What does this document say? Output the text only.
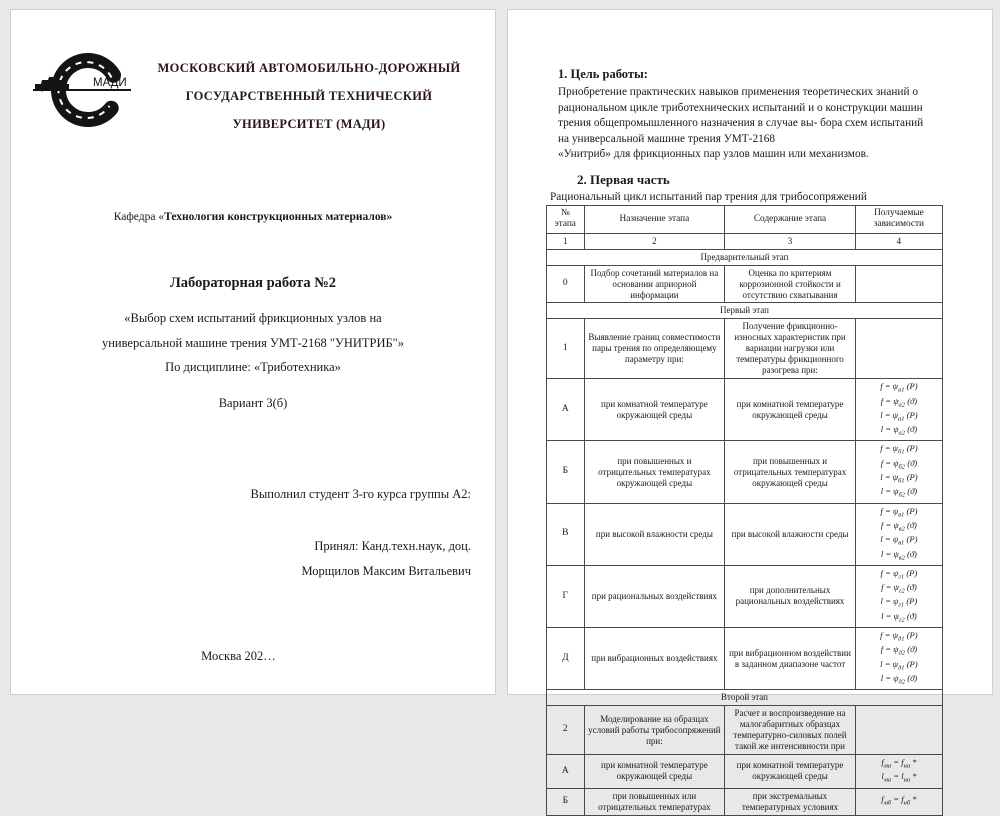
МАДИ
МОСКОВСКИЙ АВТОМОБИЛЬНО-ДОРОЖНЫЙ
ГОСУДАРСТВЕННЫЙ ТЕХНИЧЕСКИЙ
УНИВЕРСИТЕТ (МАДИ)
Кафедра «Технология конструкционных материалов»
Лабораторная работа №2
«Выбор схем испытаний фрикционных узлов на
универсальной машине трения УМТ-2168 "УНИТРИБ"»
По дисциплине: «Триботехника»
Вариант 3(б)
Выполнил студент 3-го курса группы А2:
Принял: Канд.техн.наук, доц.
Морщилов Максим Витальевич
Москва 202…
1. Цель работы:
Приобретение практических навыков применения теоретических знаний о
рациональном цикле триботехнических испытаний и о конструкции машин
трения общепромышленного назначения в случае вы- бора схем испытаний
на универсальной машине трения УМТ-2168
«Унитриб» для фрикционных пар узлов машин или механизмов.
2. Первая часть
Рациональный цикл испытаний пар трения для трибосопряжений
№ этапа	Назначение этапа	Содержание этапа	Получаемые зависимости
1	2	3	4
Предварительный этап			
0	Подбор сочетаний материалов на основании априорной информации	Оценка по критериям коррозионной стойкости и отсутствию схватывания	
Первый этап			
1	Выявление границ совместимости пары трения по определяющему параметру при:	Получение фрикционно-износных характеристик при вариации нагрузки или температуры фрикционного разогрева при:	
А	при комнатной температуре окружающей среды	при комнатной температуре окружающей среды	$f = \psi_{а1}$ (P)
$f = \psi_{а2}$ (ϑ)
$l = \psi_{а1}$ (P)
$l = \psi_{а2}$ (ϑ)

Б	при повышенных и отрицательных температурах окружающей среды	при повышенных и отрицательных температурах окружающей среды	$f = \psi_{б1}$ (P)
$f = \psi_{б2}$ (ϑ)
$l = \psi_{б1}$ (P)
$l = \psi_{б2}$ (ϑ)

В	при высокой влажности среды	при высокой влажности среды	$f = \psi_{в1}$ (P)
$f = \psi_{в2}$ (ϑ)
$l = \psi_{в1}$ (P)
$l = \psi_{в2}$ (ϑ)

Г	при рациональных воздействиях	при дополнительных рациональных воздействиях	$f = \psi_{г1}$ (P)
$f = \psi_{г2}$ (ϑ)
$l = \psi_{г1}$ (P)
$l = \psi_{г2}$ (ϑ)

Д	при вибрационных воздействиях	при вибрационном воздействии в заданном диапазоне частот	$f = \psi_{д1}$ (P)
$f = \psi_{д2}$ (ϑ)
$l = \psi_{д1}$ (P)
$l = \psi_{д2}$ (ϑ)

Второй этап			
2	Моделирование на образцах условий работы трибосопряжений при:	Расчет и воспроизведение на малогабаритных образцах температурно-силовых полей такой же интенсивности при	
А	при комнатной температуре окружающей среды	при комнатной температуре окружающей среды	$f_{ма} = f_{на}$ *
$l_{ма} = l_{на}$ *

Б	при повышенных или отрицательных температурах	при экстремальных температурных условиях	$f_{мб} = f_{нб}$ *
